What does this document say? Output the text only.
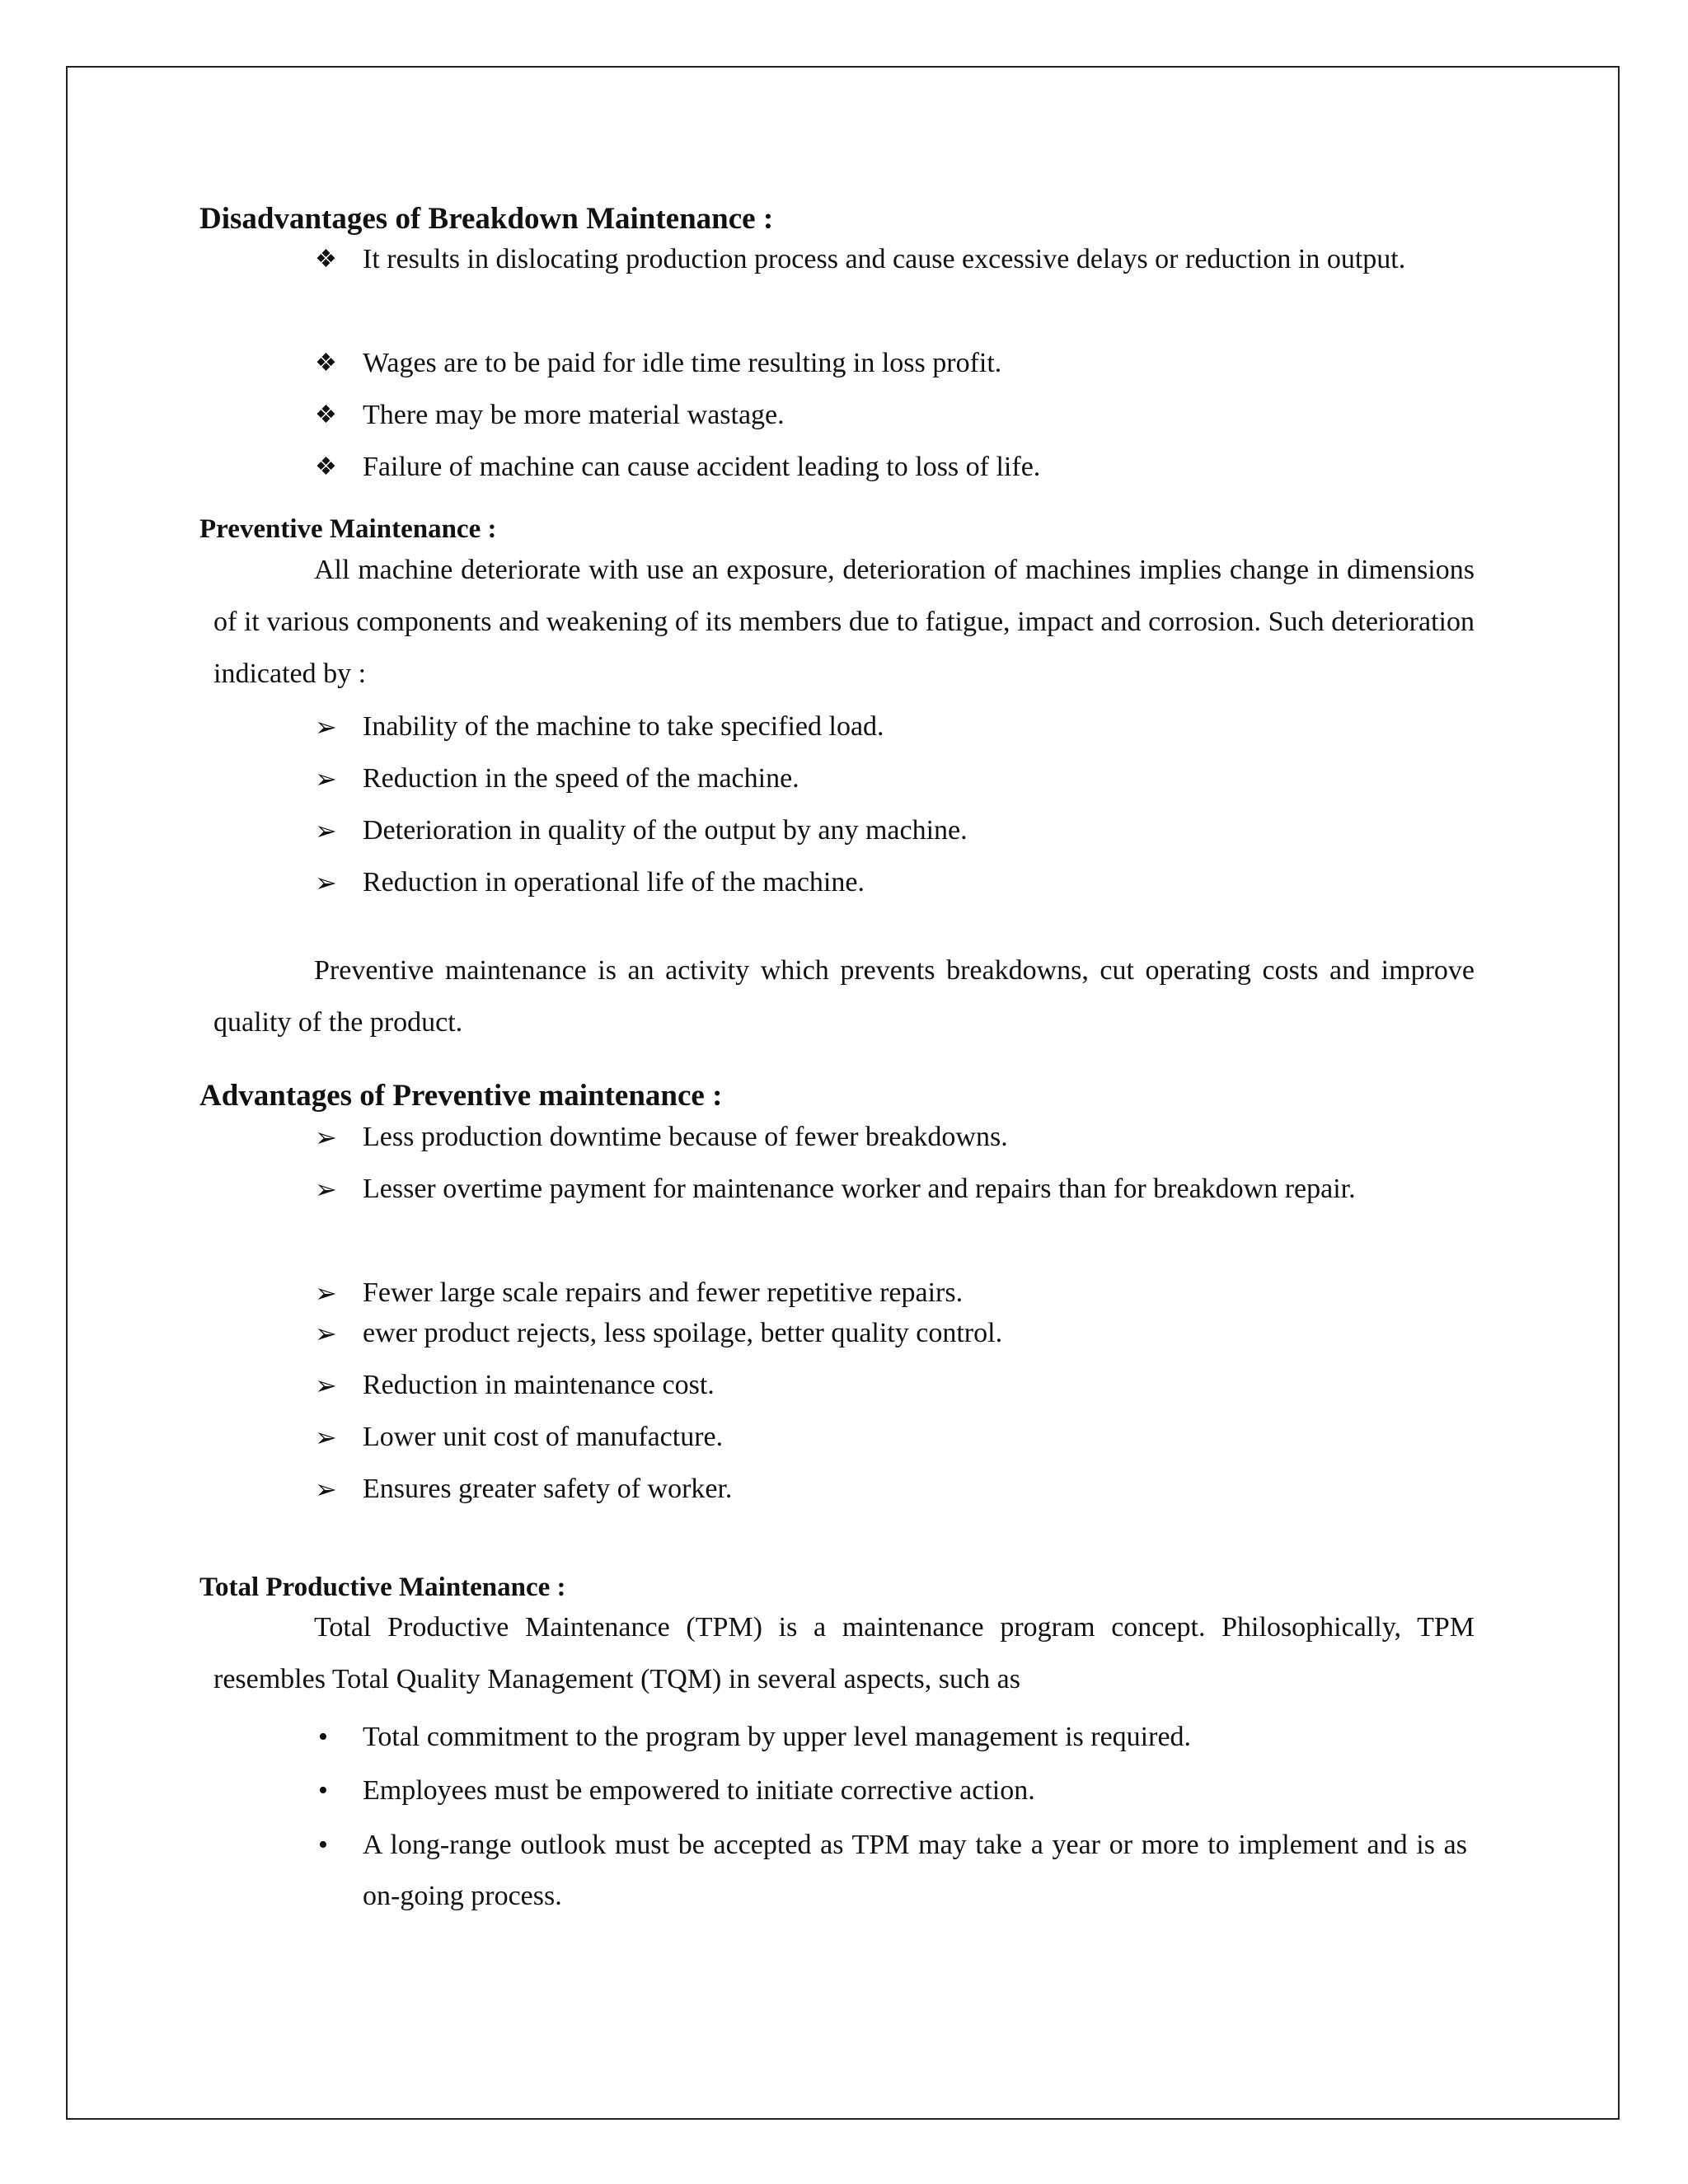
Disadvantages of Breakdown Maintenance :
❖ It results in dislocating production process and cause excessive delays or reduction in output.
❖ Wages are to be paid for idle time resulting in loss profit.
❖ There may be more material wastage.
❖ Failure of machine can cause accident leading to loss of life.
Preventive Maintenance :
All machine deteriorate with use an exposure, deterioration of machines implies change in dimensions of it various components and weakening of its members due to fatigue, impact and corrosion. Such deterioration indicated by :
➢ Inability of the machine to take specified load.
➢ Reduction in the speed of the machine.
➢ Deterioration in quality of the output by any machine.
➢ Reduction in operational life of the machine.
Preventive maintenance is an activity which prevents breakdowns, cut operating costs and improve quality of the product.
Advantages of Preventive maintenance :
➢ Less production downtime because of fewer breakdowns.
➢ Lesser overtime payment for maintenance worker and repairs than for breakdown repair.
➢ Fewer large scale repairs and fewer repetitive repairs.
➢ ewer product rejects, less spoilage, better quality control.
➢ Reduction in maintenance cost.
➢ Lower unit cost of manufacture.
➢ Ensures greater safety of worker.
Total Productive Maintenance :
Total Productive Maintenance (TPM) is a maintenance program concept. Philosophically, TPM resembles Total Quality Management (TQM) in several aspects, such as
•	Total commitment to the program by upper level management is required.
•	Employees must be empowered to initiate corrective action.
•	A long-range outlook must be accepted as TPM may take a year or more to implement and is as on-going process.
